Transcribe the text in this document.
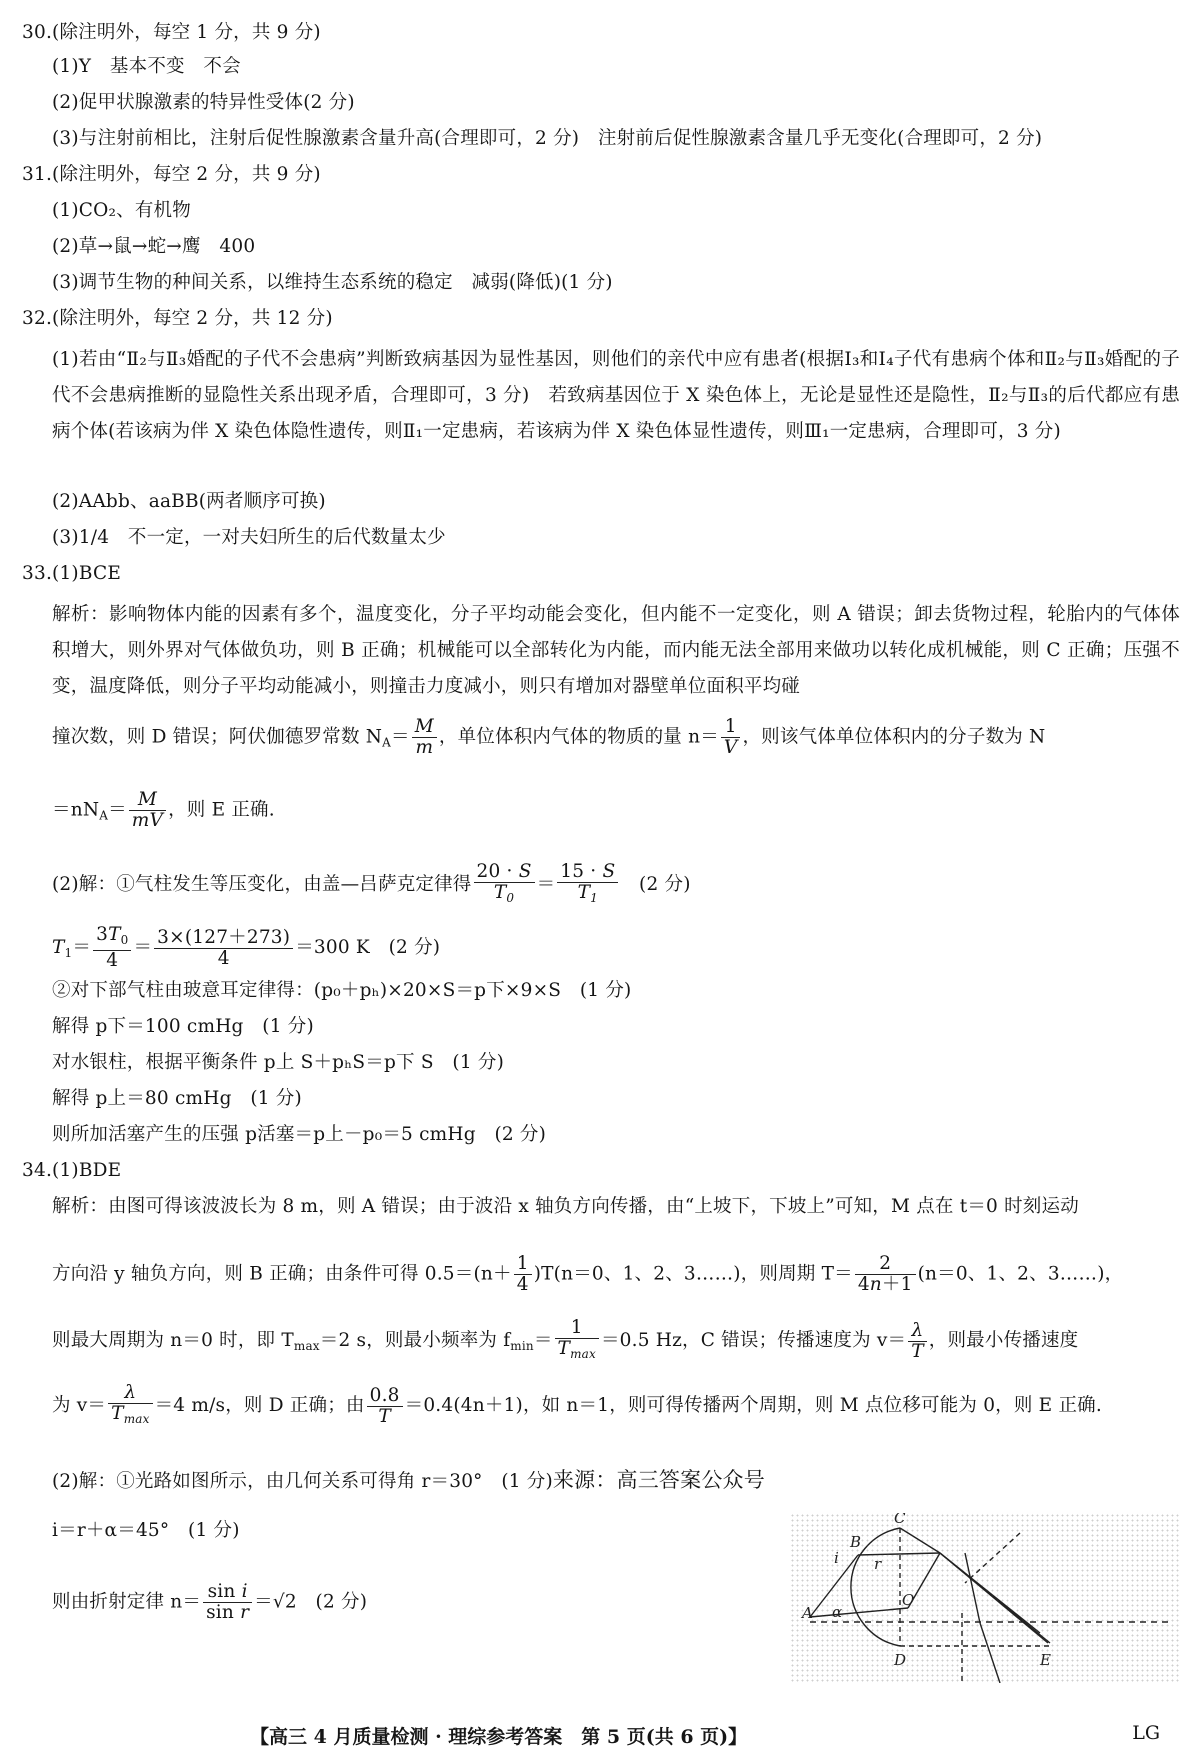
30.(除注明外，每空 1 分，共 9 分)
(1)Y　基本不变　不会
(2)促甲状腺激素的特异性受体(2 分)
(3)与注射前相比，注射后促性腺激素含量升高(合理即可，2 分)　注射前后促性腺激素含量几乎无变化(合理即可，2 分)
31.(除注明外，每空 2 分，共 9 分)
(1)CO₂、有机物
(2)草→鼠→蛇→鹰　400
(3)调节生物的种间关系，以维持生态系统的稳定　减弱(降低)(1 分)
32.(除注明外，每空 2 分，共 12 分)
(1)若由“Ⅱ₂与Ⅱ₃婚配的子代不会患病”判断致病基因为显性基因，则他们的亲代中应有患者(根据Ⅰ₃和Ⅰ₄子代有患病个体和Ⅱ₂与Ⅱ₃婚配的子代不会患病推断的显隐性关系出现矛盾，合理即可，3 分)　若致病基因位于 X 染色体上，无论是显性还是隐性，Ⅱ₂与Ⅱ₃的后代都应有患病个体(若该病为伴 X 染色体隐性遗传，则Ⅱ₁一定患病，若该病为伴 X 染色体显性遗传，则Ⅲ₁一定患病，合理即可，3 分)
(2)AAbb、aaBB(两者顺序可换)
(3)1/4　不一定，一对夫妇所生的后代数量太少
33.(1)BCE
解析：影响物体内能的因素有多个，温度变化，分子平均动能会变化，但内能不一定变化，则 A 错误；卸去货物过程，轮胎内的气体体积增大，则外界对气体做负功，则 B 正确；机械能可以全部转化为内能，而内能无法全部用来做功以转化成机械能，则 C 正确；压强不变，温度降低，则分子平均动能减小，则撞击力度减小，则只有增加对器壁单位面积平均碰
撞次数，则 D 错误；阿伏伽德罗常数 $N_A= \frac{M}{m}$ ，单位体积内气体的物质的量 $n= \frac{1}{V}$ ，则该气体单位体积内的分子数为 N
$=nN_A= \frac{M}{mV}$ ，则 E 正确.
(2)解：①气柱发生等压变化，由盖—吕萨克定律得 $\frac{20 \cdot S}{T_0} = \frac{15 \cdot S}{T_1}$
　 (2 分)
$T_1= \frac{3T_0}{4} = \frac{3\times(127+273)}{4} =300$ K　(2 分)
②对下部气柱由玻意耳定律得：(p₀＋pₕ)×20×S＝p下×9×S　(1 分)
解得 p下＝100 cmHg　(1 分)
对水银柱，根据平衡条件 p上 S＋pₕS＝p下 S　(1 分)
解得 p上＝80 cmHg　(1 分)
则所加活塞产生的压强 p活塞＝p上－p₀＝5 cmHg　(2 分)
34.(1)BDE
解析：由图可得该波波长为 8 m，则 A 错误；由于波沿 x 轴负方向传播，由“上坡下，下坡上”可知，M 点在 t＝0 时刻运动
方向沿 y 轴负方向，则 B 正确；由条件可得 $0.5=(n+ \frac{1}{4} )T(n=0$、1、2、3……)，则周期 $T= \frac{2}{4n+1} (n=0$、1、2、3……)，
则最大周期为 n＝0 时，即 $T_{max}=2$ s，则最小频率为 $f_{min}= \frac{1}{T_{max}} =0.5$ Hz，C 错误；传播速度为 $v= \frac{\lambda}{T}$ ，则最小传播速度
为 $v= \frac{\lambda}{T_{max}} =4$ m/s，则 D 正确；由 $\frac{0.8}{T} =0.4(4n+1)$，如 n＝1，则可得传播两个周期，则 M 点位移可能为 0，则 E 正确.
(2)解：①光路如图所示，由几何关系可得角 r＝30°　(1 分)来源：高三答案公众号
i＝r＋α＝45°　(1 分)
则由折射定律 $n= \frac{\text{sin i}}{\text{sin r}} =√2$　(2 分)
A
B
C
D	E
O
i r
α
【高三 4 月质量检测 · 理综参考答案　第 5 页(共 6 页)】	LG
